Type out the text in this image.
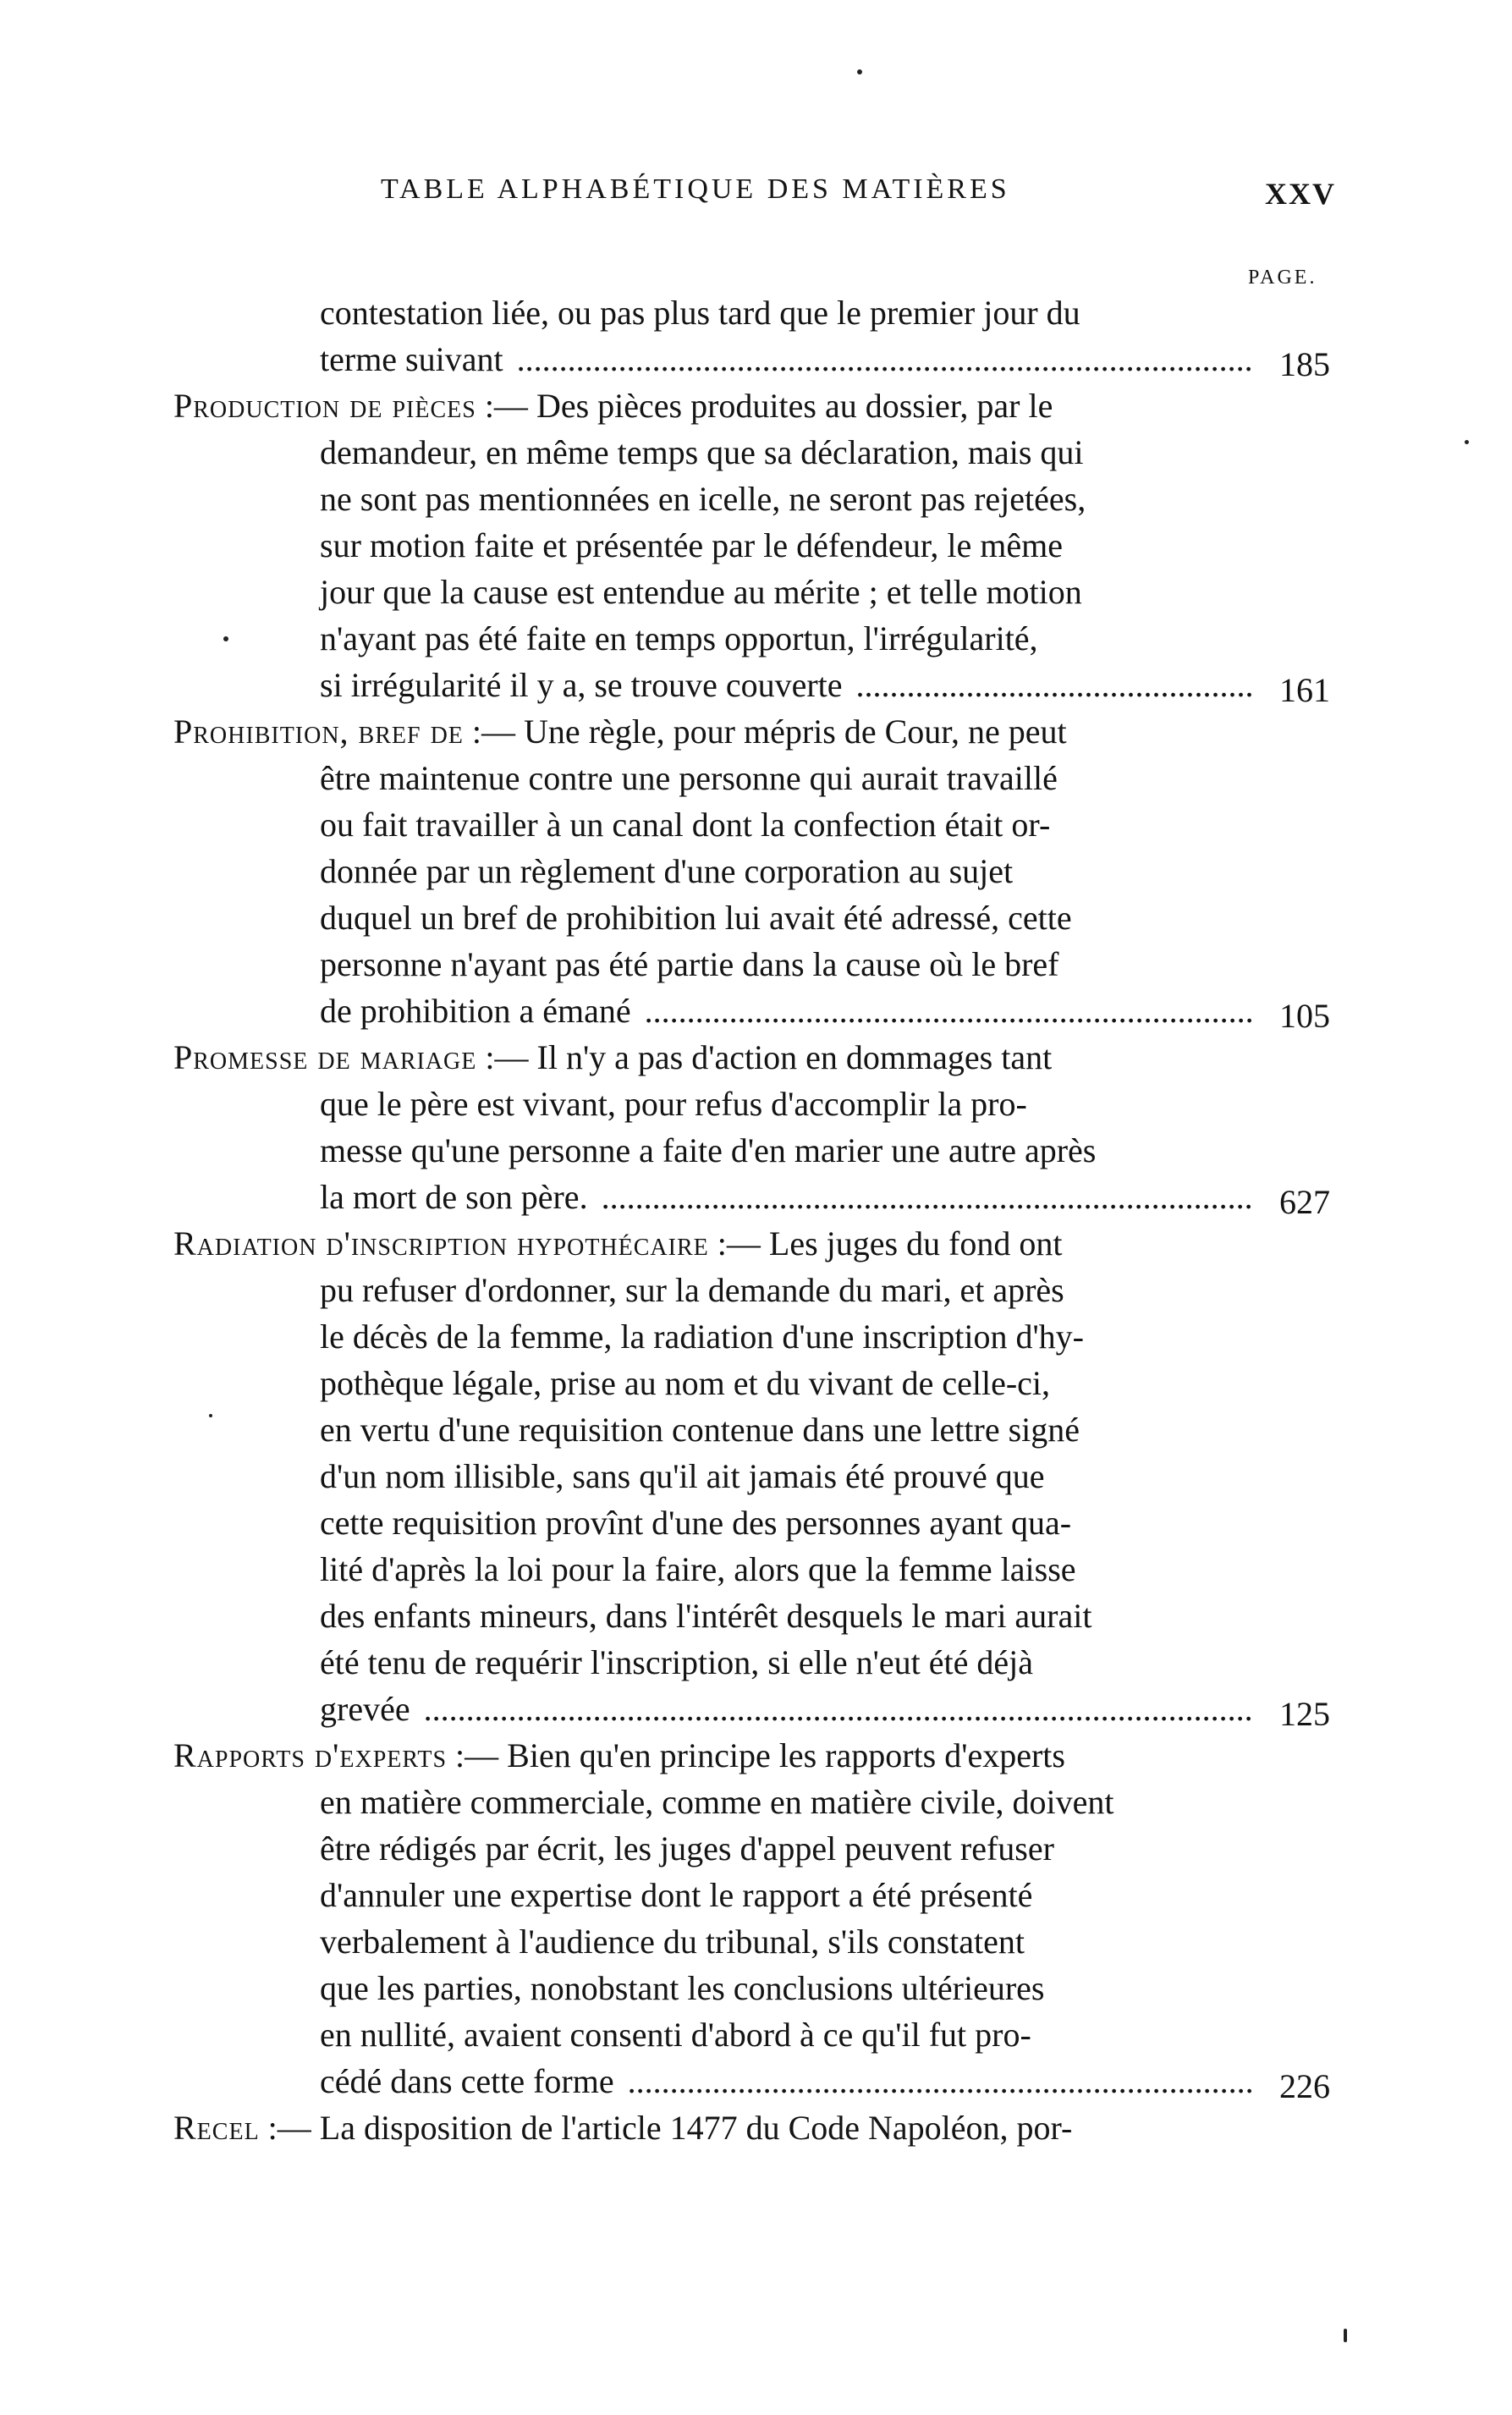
TABLE ALPHABÉTIQUE DES MATIÈRES	XXV
PAGE.
contestation liée, ou pas plus tard que le premier jour du
terme suivant ....................................................................................... 185
Production de pièces :— Des pièces produites au dossier, par le
demandeur, en même temps que sa déclaration, mais qui
ne sont pas mentionnées en icelle, ne seront pas rejetées,
sur motion faite et présentée par le défendeur, le même
jour que la cause est entendue au mérite ; et telle motion
n'ayant pas été faite en temps opportun, l'irrégularité,
si irrégularité il y a, se trouve couverte ............................................... 161
Prohibition, bref de :— Une règle, pour mépris de Cour, ne peut
être maintenue contre une personne qui aurait travaillé
ou fait travailler à un canal dont la confection était or-
donnée par un règlement d'une corporation au sujet
duquel un bref de prohibition lui avait été adressé, cette
personne n'ayant pas été partie dans la cause où le bref
de prohibition a émané ........................................................................ 105
Promesse de mariage :— Il n'y a pas d'action en dommages tant
que le père est vivant, pour refus d'accomplir la pro-
messe qu'une personne a faite d'en marier une autre après
la mort de son père. ............................................................................. 627
Radiation d'inscription hypothécaire :— Les juges du fond ont
pu refuser d'ordonner, sur la demande du mari, et après
le décès de la femme, la radiation d'une inscription d'hy-
pothèque légale, prise au nom et du vivant de celle-ci,
en vertu d'une requisition contenue dans une lettre signé
d'un nom illisible, sans qu'il ait jamais été prouvé que
cette requisition provînt d'une des personnes ayant qua-
lité d'après la loi pour la faire, alors que la femme laisse
des enfants mineurs, dans l'intérêt desquels le mari aurait
été tenu de requérir l'inscription, si elle n'eut été déjà
grevée .................................................................................................. 125
Rapports d'experts :— Bien qu'en principe les rapports d'experts
en matière commerciale, comme en matière civile, doivent
être rédigés par écrit, les juges d'appel peuvent refuser
d'annuler une expertise dont le rapport a été présenté
verbalement à l'audience du tribunal, s'ils constatent
que les parties, nonobstant les conclusions ultérieures
en nullité, avaient consenti d'abord à ce qu'il fut pro-
cédé dans cette forme .......................................................................... 226
Recel :— La disposition de l'article 1477 du Code Napoléon, por-
